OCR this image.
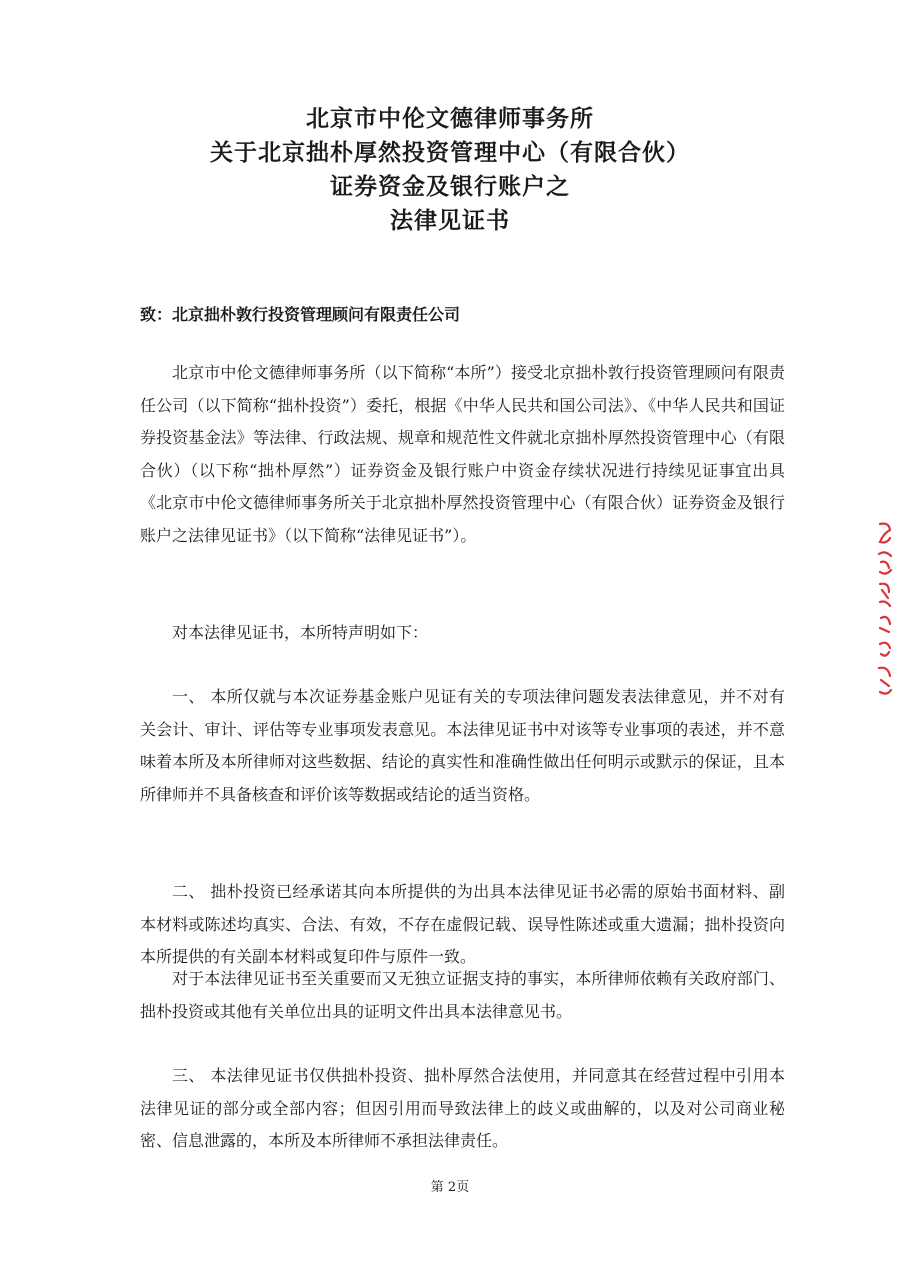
北京市中伦文德律师事务所
关于北京拙朴厚然投资管理中心（有限合伙）
证券资金及银行账户之
法律见证书
致：北京拙朴敦行投资管理顾问有限责任公司
北京市中伦文德律师事务所（以下简称“本所”）接受北京拙朴敦行投资管理顾问有限责任公司（以下简称“拙朴投资”）委托，根据《中华人民共和国公司法》、《中华人民共和国证券投资基金法》等法律、行政法规、规章和规范性文件就北京拙朴厚然投资管理中心（有限合伙）（以下称“拙朴厚然”）证券资金及银行账户中资金存续状况进行持续见证事宜出具《北京市中伦文德律师事务所关于北京拙朴厚然投资管理中心（有限合伙）证券资金及银行账户之法律见证书》（以下简称“法律见证书”）。
对本法律见证书，本所特声明如下：
一、 本所仅就与本次证券基金账户见证有关的专项法律问题发表法律意见，并不对有关会计、审计、评估等专业事项发表意见。本法律见证书中对该等专业事项的表述，并不意味着本所及本所律师对这些数据、结论的真实性和准确性做出任何明示或默示的保证，且本所律师并不具备核查和评价该等数据或结论的适当资格。
二、 拙朴投资已经承诺其向本所提供的为出具本法律见证书必需的原始书面材料、副本材料或陈述均真实、合法、有效，不存在虚假记载、误导性陈述或重大遗漏；拙朴投资向本所提供的有关副本材料或复印件与原件一致。
对于本法律见证书至关重要而又无独立证据支持的事实，本所律师依赖有关政府部门、拙朴投资或其他有关单位出具的证明文件出具本法律意见书。
三、 本法律见证书仅供拙朴投资、拙朴厚然合法使用，并同意其在经营过程中引用本法律见证的部分或全部内容；但因引用而导致法律上的歧义或曲解的，以及对公司商业秘密、信息泄露的，本所及本所律师不承担法律责任。
第 2页
